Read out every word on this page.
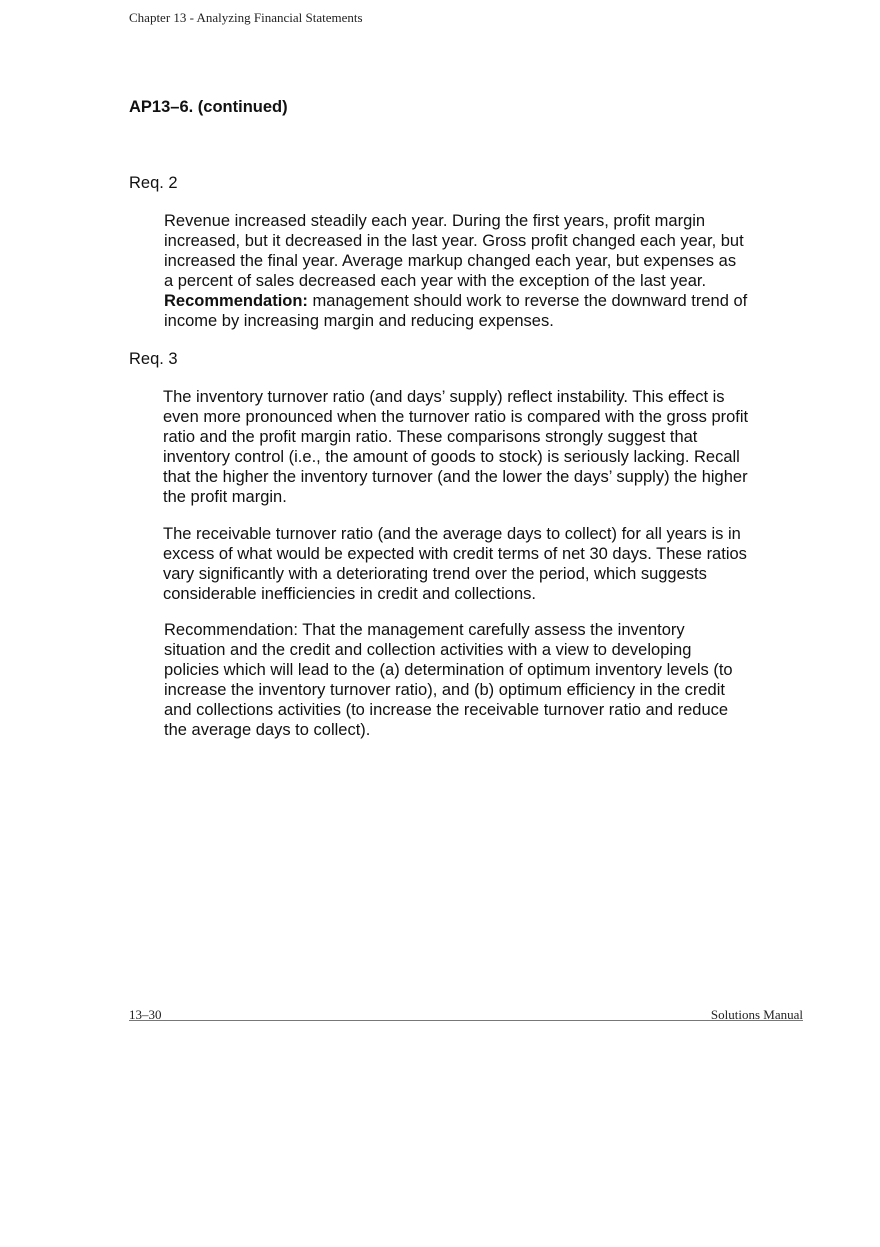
Chapter 13 - Analyzing Financial Statements
AP13–6. (continued)
Req. 2

Revenue increased steadily each year. During the first years, profit margin increased, but it decreased in the last year. Gross profit changed each year, but increased the final year. Average markup changed each year, but expenses as a percent of sales decreased each year with the exception of the last year. Recommendation: management should work to reverse the downward trend of income by increasing margin and reducing expenses.

Req. 3

The inventory turnover ratio (and days’ supply) reflect instability. This effect is even more pronounced when the turnover ratio is compared with the gross profit ratio and the profit margin ratio. These comparisons strongly suggest that inventory control (i.e., the amount of goods to stock) is seriously lacking. Recall that the higher the inventory turnover (and the lower the days’ supply) the higher the profit margin.

The receivable turnover ratio (and the average days to collect) for all years is in excess of what would be expected with credit terms of net 30 days. These ratios vary significantly with a deteriorating trend over the period, which suggests considerable inefficiencies in credit and collections.

Recommendation: That the management carefully assess the inventory situation and the credit and collection activities with a view to developing policies which will lead to the (a) determination of optimum inventory levels (to increase the inventory turnover ratio), and (b) optimum efficiency in the credit and collections activities (to increase the receivable turnover ratio and reduce the average days to collect).

13–30	Solutions Manual
